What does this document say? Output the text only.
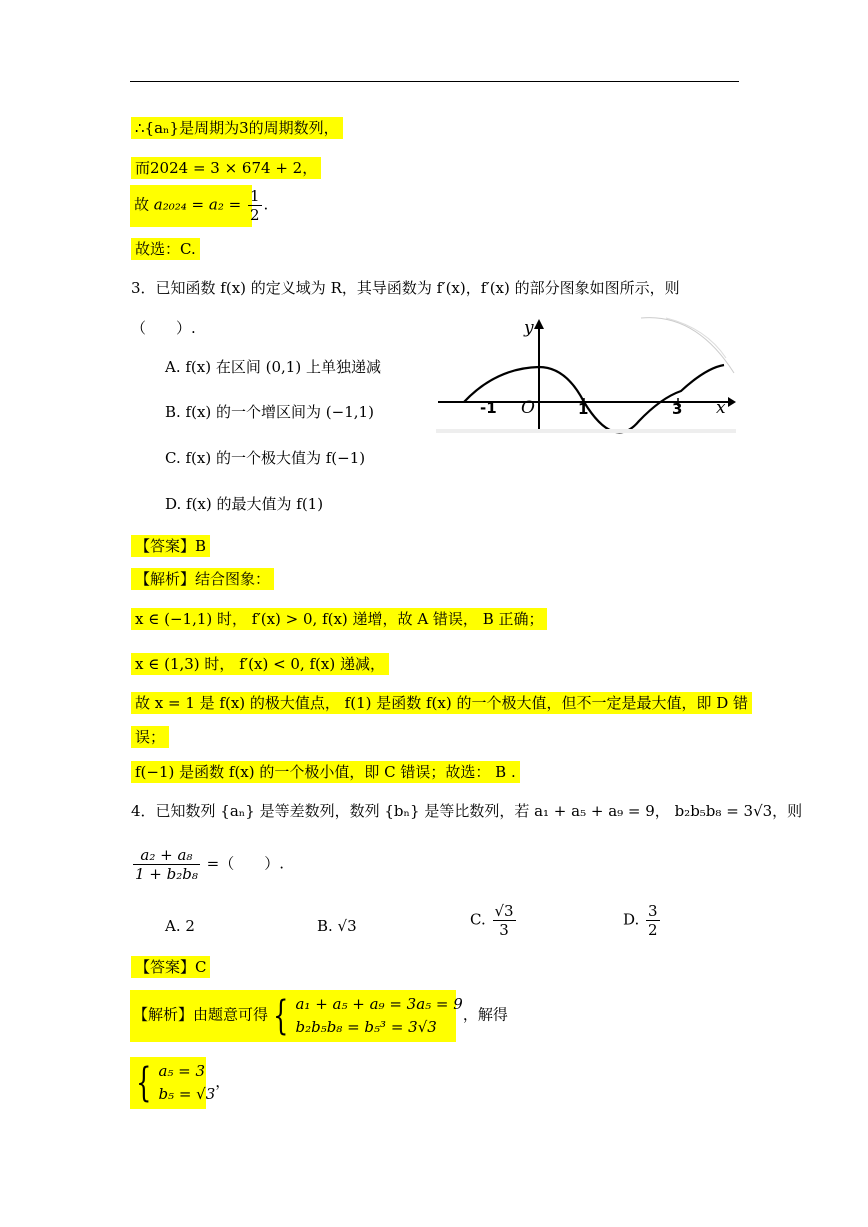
∴{aₙ}是周期为3的周期数列，
而2024 = 3 × 674 + 2，
故 $a_{2024} = a_2 = \frac{1}{2}$ .
故选：C.
3．已知函数 f(x) 的定义域为 R，其导函数为 f′(x)，f′(x) 的部分图象如图所示，则
（　　）.
A. f(x) 在区间 (0,1) 上单独递减
B. f(x) 的一个增区间为 (−1,1)
C. f(x) 的一个极大值为 f(−1)
D. f(x) 的最大值为 f(1)
y
x
O
-1	1	3
【答案】B
【解析】结合图象：
x ∈ (−1,1) 时， f′(x) > 0, f(x) 递增，故 A 错误， B 正确；
x ∈ (1,3) 时， f′(x) < 0, f(x) 递减，
故 x = 1 是 f(x) 的极大值点， f(1) 是函数 f(x) 的一个极大值，但不一定是最大值，即 D 错
误；
f(−1) 是函数 f(x) 的一个极小值，即 C 错误；故选： B .
4．已知数列 {aₙ} 是等差数列，数列 {bₙ} 是等比数列，若 a₁ + a₅ + a₉ = 9， b₂b₅b₈ = 3√3，则
$\frac{\text{a₂ + a₈}}{\text{1 + b₂b₈}}$ =（　　）.
A. 2	B. √3	C. $\frac{√3}{3}$	D. $\frac{3}{2}$
【答案】C
【解析】由题意可得 { a₁ + a₅ + a₉ = 3a₅ = 9
b₂b₅b₈ = b₅³ = 3√3
，解得
{ a₅ = 3
b₅ = √3
，
